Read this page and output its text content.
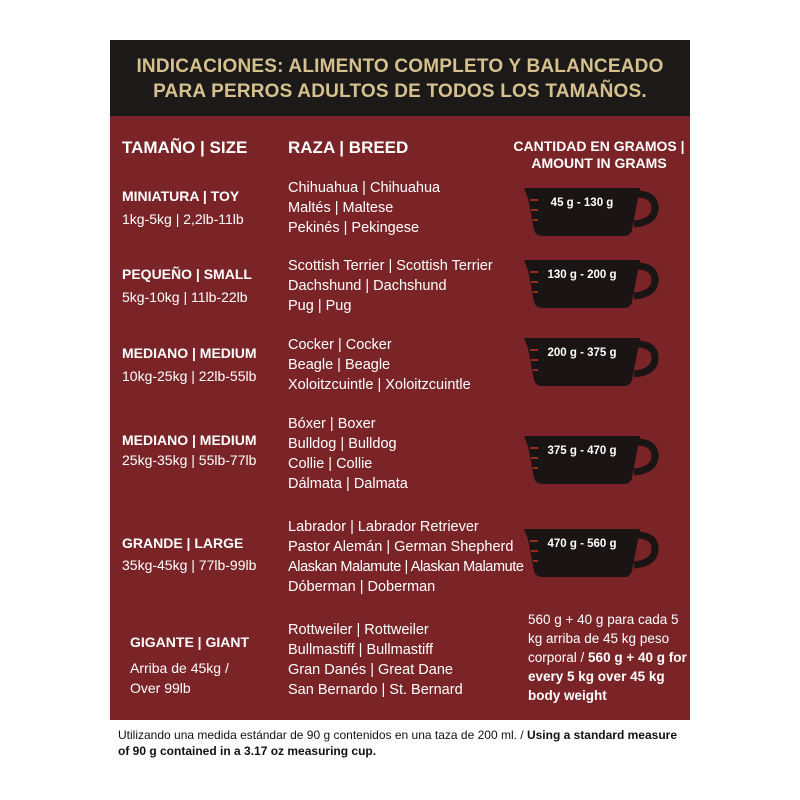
INDICACIONES: ALIMENTO COMPLETO Y BALANCEADO
PARA PERROS ADULTOS DE TODOS LOS TAMAÑOS.
TAMAÑO | SIZE RAZA | BREED	CANTIDAD EN GRAMOS |
AMOUNT IN GRAMS
MINIATURA | TOY
1kg-5kg | 2,2lb-11lb
Chihuahua | Chihuahua
Maltés | Maltese
Pekinés | Pekingese
45 g - 130 g
PEQUEÑO | SMALL
5kg-10kg | 11lb-22lb
Scottish Terrier | Scottish Terrier
Dachshund | Dachshund
Pug | Pug
130 g - 200 g
MEDIANO | MEDIUM
10kg-25kg | 22lb-55lb
Cocker | Cocker
Beagle | Beagle
Xoloitzcuintle | Xoloitzcuintle
200 g - 375 g
MEDIANO | MEDIUM
25kg-35kg | 55lb-77lb
Bóxer | Boxer
Bulldog | Bulldog
Collie | Collie
Dálmata | Dalmata
375 g - 470 g
GRANDE | LARGE
35kg-45kg | 77lb-99lb
Labrador | Labrador Retriever
Pastor Alemán | German Shepherd
Alaskan Malamute | Alaskan Malamute
Dóberman | Doberman
470 g - 560 g
GIGANTE | GIANT
Arriba de 45kg /
Over 99lb
Rottweiler | Rottweiler
Bullmastiff | Bullmastiff
Gran Danés | Great Dane
San Bernardo | St. Bernard
560 g + 40 g para cada 5 kg arriba de 45 kg peso corporal / 560 g + 40 g for every 5 kg over 45 kg body weight
Utilizando una medida estándar de 90 g contenidos en una taza de 200 ml. / Using a standard measure of 90 g contained in a 3.17 oz measuring cup.
